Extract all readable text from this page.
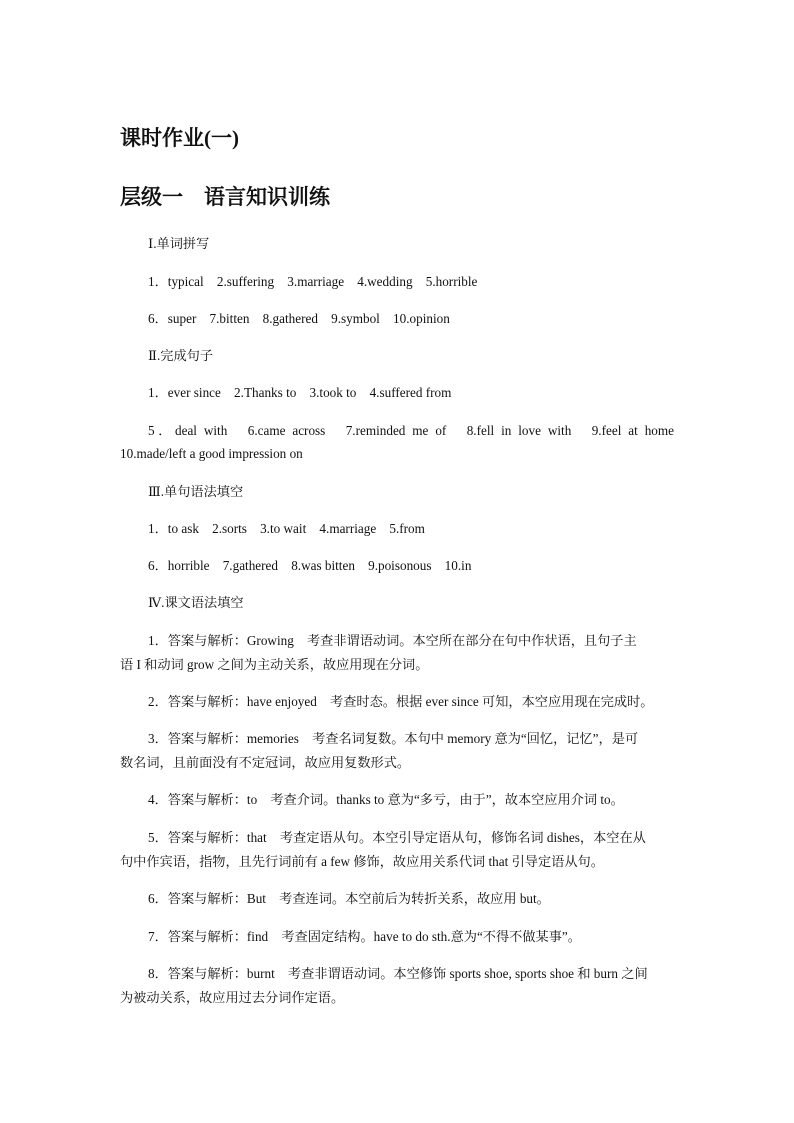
课时作业(一)
层级一　语言知识训练
Ⅰ.单词拼写
1．typical　2.suffering　3.marriage　4.wedding　5.horrible
6．super　7.bitten　8.gathered　9.symbol　10.opinion
Ⅱ.完成句子
1．ever since　2.Thanks to　3.took to　4.suffered from
5．deal with　6.came across　7.reminded me of　8.fell in love with　9.feel at home
10.made/left a good impression on
Ⅲ.单句语法填空
1．to ask　2.sorts　3.to wait　4.marriage　5.from
6．horrible　7.gathered　8.was bitten　9.poisonous　10.in
Ⅳ.课文语法填空
1．答案与解析：Growing　考查非谓语动词。本空所在部分在句中作状语，且句子主
语 I 和动词 grow 之间为主动关系，故应用现在分词。
2．答案与解析：have enjoyed　考查时态。根据 ever since 可知，本空应用现在完成时。
3．答案与解析：memories　考查名词复数。本句中 memory 意为“回忆，记忆”，是可
数名词，且前面没有不定冠词，故应用复数形式。
4．答案与解析：to　考查介词。thanks to 意为“多亏，由于”，故本空应用介词 to。
5．答案与解析：that　考查定语从句。本空引导定语从句，修饰名词 dishes，本空在从
句中作宾语，指物，且先行词前有 a few 修饰，故应用关系代词 that 引导定语从句。
6．答案与解析：But　考查连词。本空前后为转折关系，故应用 but。
7．答案与解析：find　考查固定结构。have to do sth.意为“不得不做某事”。
8．答案与解析：burnt　考查非谓语动词。本空修饰 sports shoe, sports shoe 和 burn 之间
为被动关系，故应用过去分词作定语。
